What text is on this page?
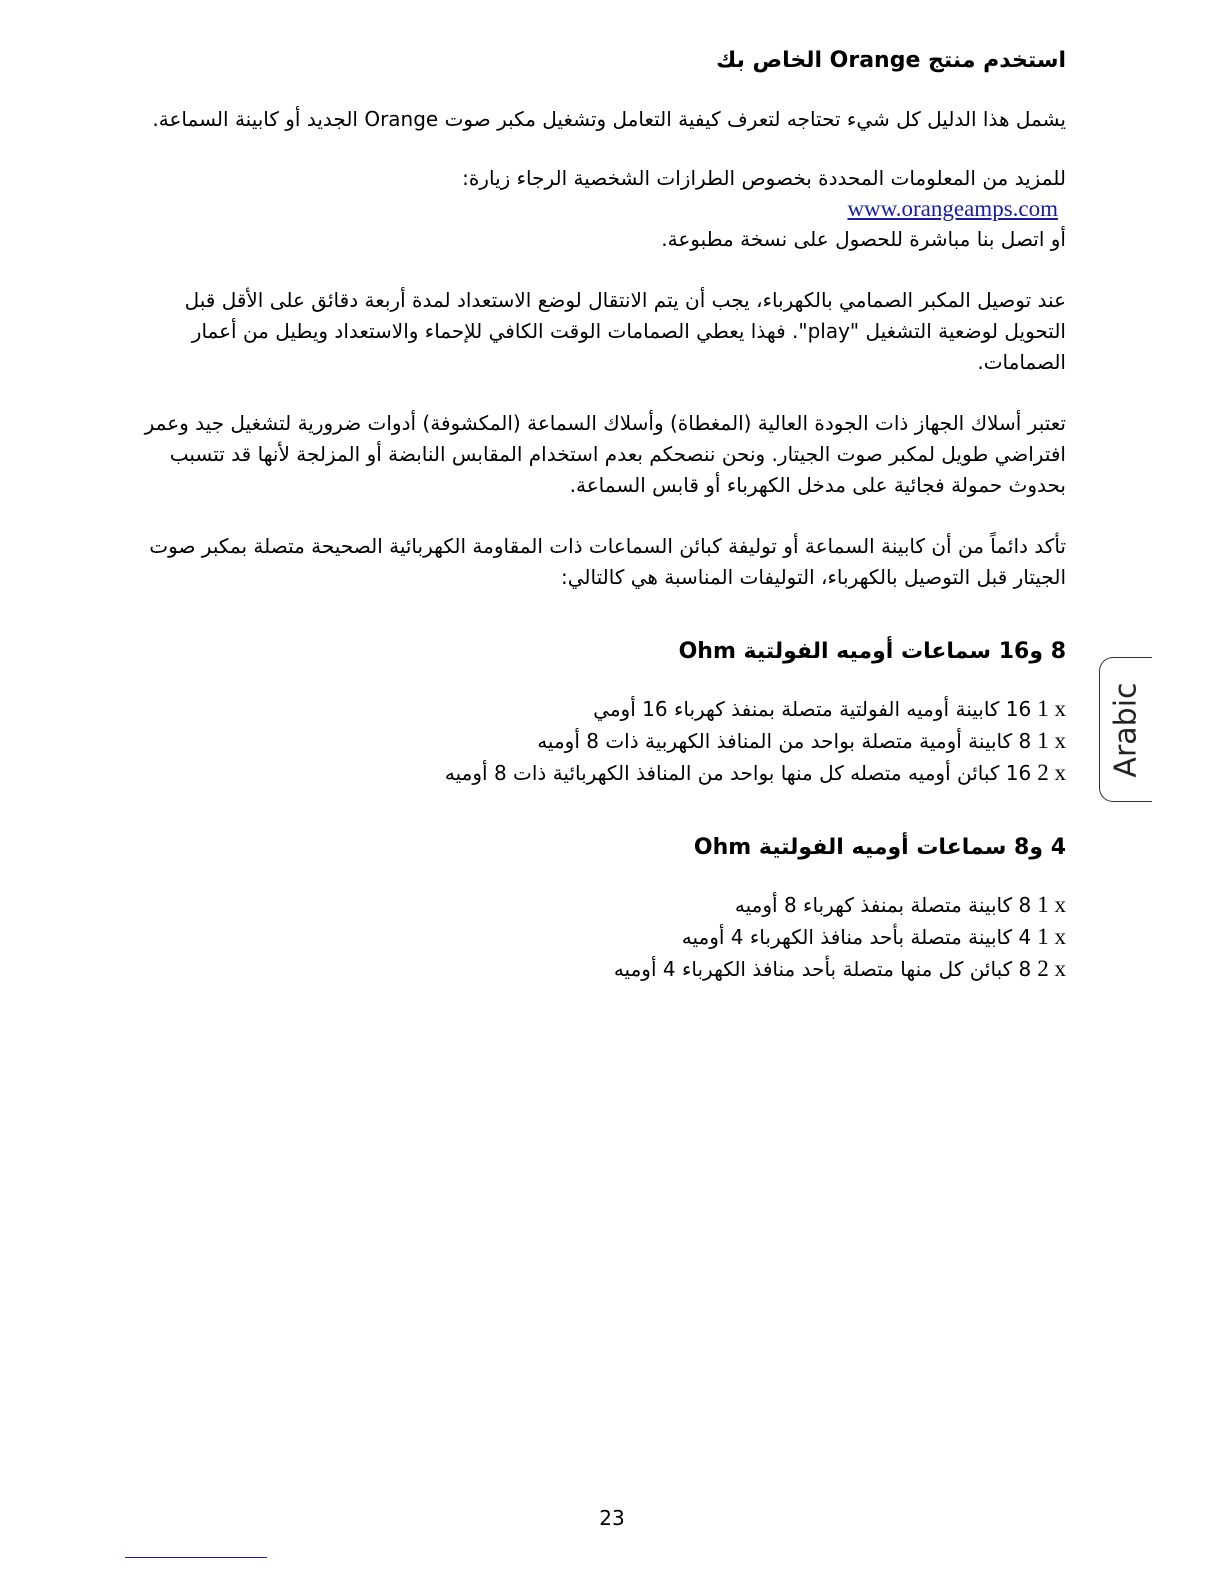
استخدم منتج Orange الخاص بك

يشمل هذا الدليل كل شيء تحتاجه لتعرف كيفية التعامل وتشغيل مكبر صوت Orange الجديد أو كابينة السماعة.

للمزيد من المعلومات المحددة بخصوص الطرازات الشخصية الرجاء زيارة:

www.orangeamps.com

أو اتصل بنا مباشرة للحصول على نسخة مطبوعة.

عند توصيل المكبر الصمامي بالكهرباء، يجب أن يتم الانتقال لوضع الاستعداد لمدة أربعة دقائق على الأقل قبل التحويل لوضعية التشغيل "play". فهذا يعطي الصمامات الوقت الكافي للإحماء والاستعداد ويطيل من أعمار الصمامات.

تعتبر أسلاك الجهاز ذات الجودة العالية (المغطاة) وأسلاك السماعة (المكشوفة) أدوات ضرورية لتشغيل جيد وعمر افتراضي طويل لمكبر صوت الجيتار. ونحن ننصحكم بعدم استخدام المقابس النابضة أو المزلجة لأنها قد تتسبب بحدوث حمولة فجائية على مدخل الكهرباء أو قابس السماعة.

تأكد دائماً من أن كابينة السماعة أو توليفة كبائن السماعات ذات المقاومة الكهربائية الصحيحة متصلة بمكبر صوت الجيتار قبل التوصيل بالكهرباء، التوليفات المناسبة هي كالتالي:

8 و16 سماعات أوميه الفولتية Ohm
1 x16 كابينة أوميه الفولتية متصلة بمنفذ كهرباء 16 أومي
1 x8 كابينة أومية متصلة بواحد من المنافذ الكهربية ذات 8 أوميه
2 x16 كبائن أوميه متصله كل منها بواحد من المنافذ الكهربائية ذات 8 أوميه
4 و8 سماعات أوميه الفولتية Ohm
1 x8 كابينة متصلة بمنفذ كهرباء 8 أوميه
1 x4 كابينة متصلة بأحد منافذ الكهرباء 4 أوميه
2 x8 كبائن كل منها متصلة بأحد منافذ الكهرباء 4 أوميه
Arabic
23
